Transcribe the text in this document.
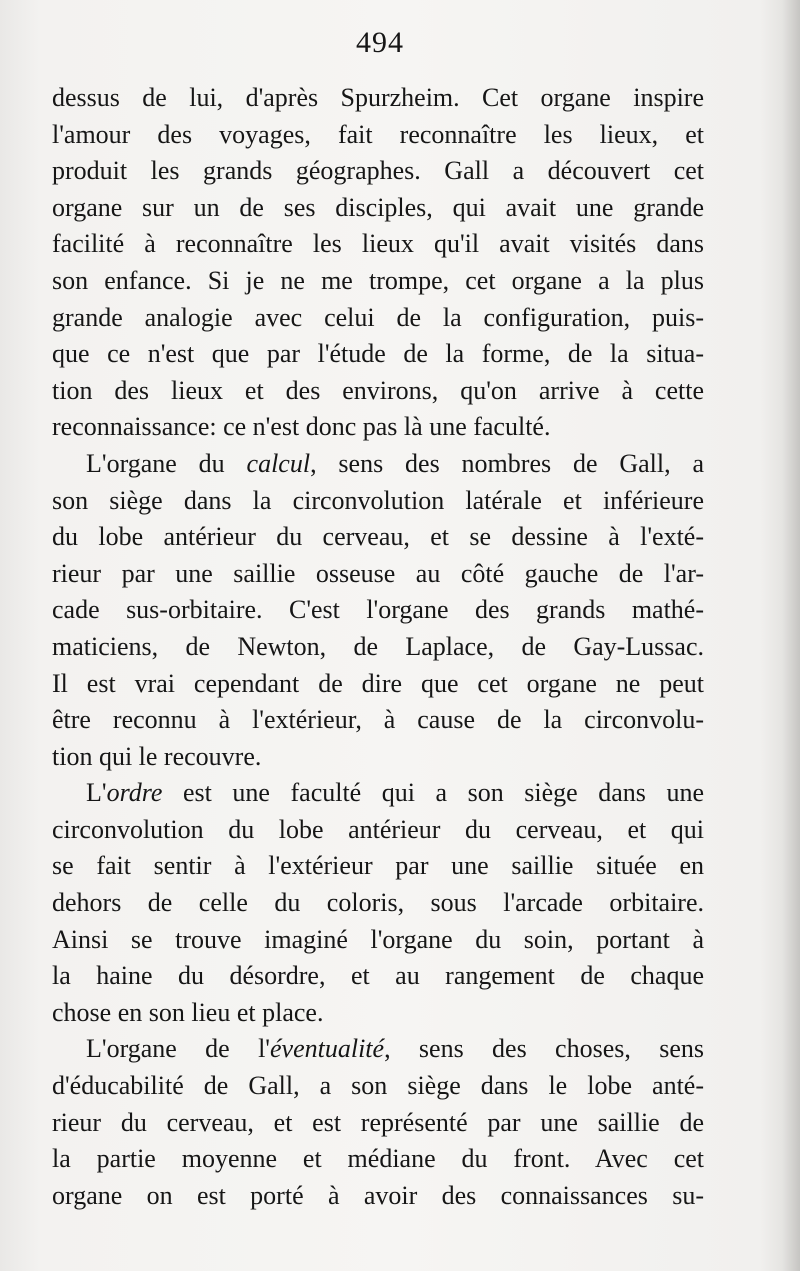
494
dessus de lui, d'après Spurzheim. Cet organe inspire
l'amour des voyages, fait reconnaître les lieux, et
produit les grands géographes. Gall a découvert cet
organe sur un de ses disciples, qui avait une grande
facilité à reconnaître les lieux qu'il avait visités dans
son enfance. Si je ne me trompe, cet organe a la plus
grande analogie avec celui de la configuration, puis-
que ce n'est que par l'étude de la forme, de la situa-
tion des lieux et des environs, qu'on arrive à cette
reconnaissance: ce n'est donc pas là une faculté.
L'organe du calcul, sens des nombres de Gall, a
son siège dans la circonvolution latérale et inférieure
du lobe antérieur du cerveau, et se dessine à l'exté-
rieur par une saillie osseuse au côté gauche de l'ar-
cade sus-orbitaire. C'est l'organe des grands mathé-
maticiens, de Newton, de Laplace, de Gay-Lussac.
Il est vrai cependant de dire que cet organe ne peut
être reconnu à l'extérieur, à cause de la circonvolu-
tion qui le recouvre.
L'ordre est une faculté qui a son siège dans une
circonvolution du lobe antérieur du cerveau, et qui
se fait sentir à l'extérieur par une saillie située en
dehors de celle du coloris, sous l'arcade orbitaire.
Ainsi se trouve imaginé l'organe du soin, portant à
la haine du désordre, et au rangement de chaque
chose en son lieu et place.
L'organe de l'éventualité, sens des choses, sens
d'éducabilité de Gall, a son siège dans le lobe anté-
rieur du cerveau, et est représenté par une saillie de
la partie moyenne et médiane du front. Avec cet
organe on est porté à avoir des connaissances su-
